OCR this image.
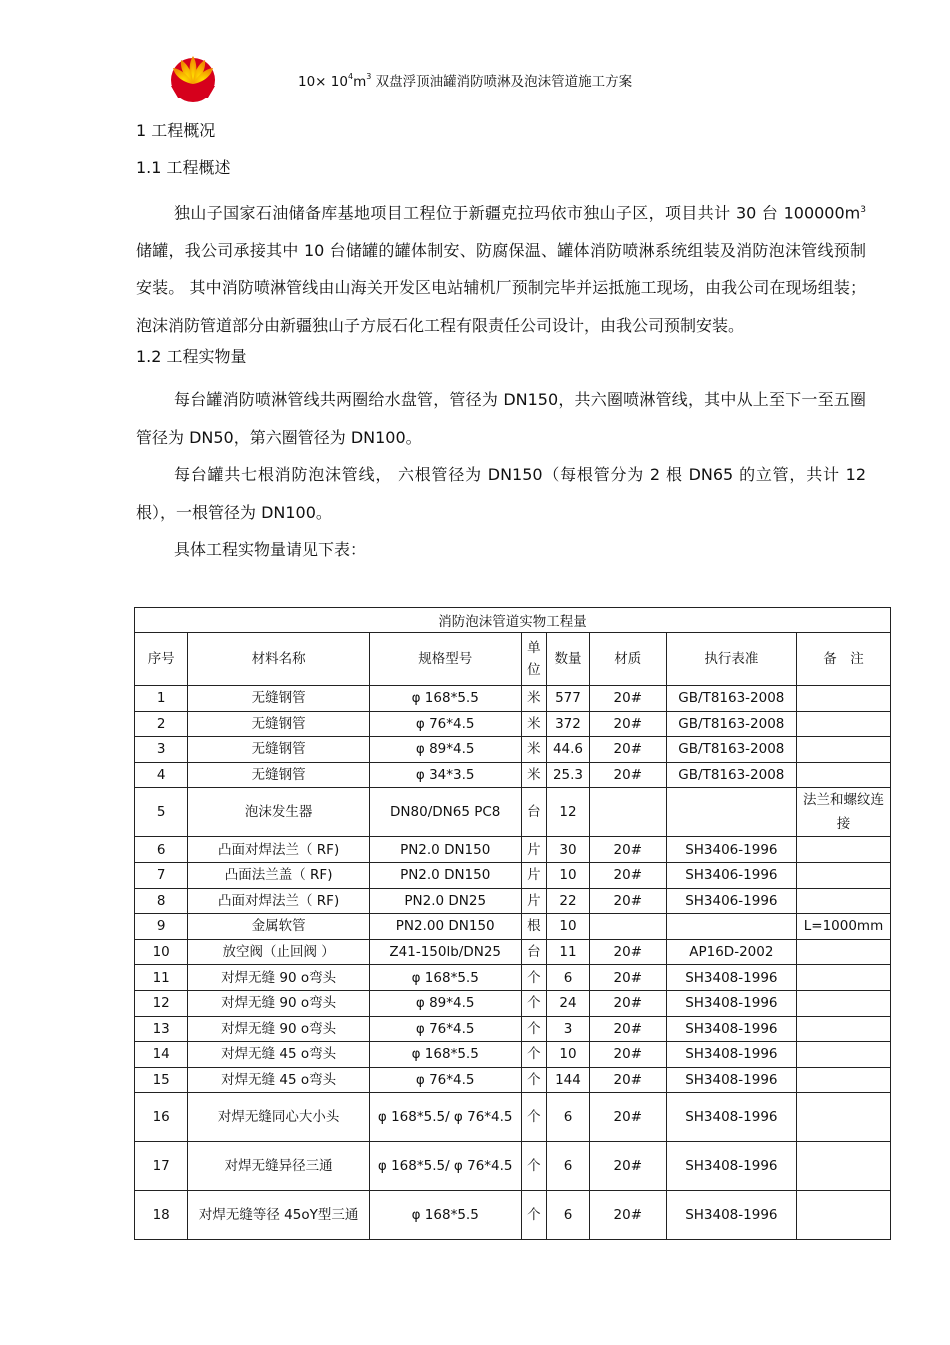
$10\times 10^4m^3$ 双盘浮顶油罐消防喷淋及泡沫管道施工方案

1 工程概况

1.1 工程概述

独山子国家石油储备库基地项目工程位于新疆克拉玛依市独山子区，项目共计 30 台 $100000m^3$储罐，我公司承接其中 10 台储罐的罐体制安、防腐保温、罐体消防喷淋系统组装及消防泡沫管线预制安装。 其中消防喷淋管线由山海关开发区电站辅机厂预制完毕并运抵施工现场，由我公司在现场组装；泡沫消防管道部分由新疆独山子方辰石化工程有限责任公司设计，由我公司预制安装。

1.2 工程实物量

每台罐消防喷淋管线共两圈给水盘管，管径为 DN150，共六圈喷淋管线，其中从上至下一至五圈管径为 DN50，第六圈管径为 DN100。

每台罐共七根消防泡沫管线， 六根管径为 DN150（每根管分为 2 根 DN65 的立管，共计 12 根），一根管径为 DN100。

具体工程实物量请见下表：

消防泡沫管道实物工程量							
序号	材料名称	规格型号	单位	数量	材质	执行表准	备　注
1	无缝钢管	φ 168*5.5	米	577	20#	GB/T8163-2008	
2	无缝钢管	φ 76*4.5	米	372	20#	GB/T8163-2008	
3	无缝钢管	φ 89*4.5	米	44.6	20#	GB/T8163-2008	
4	无缝钢管	φ 34*3.5	米	25.3	20#	GB/T8163-2008	
5	泡沫发生器	DN80/DN65 PC8	台	12			法兰和螺纹连接
6	凸面对焊法兰（ RF)	PN2.0 DN150	片	30	20#	SH3406-1996	
7	凸面法兰盖（ RF)	PN2.0 DN150	片	10	20#	SH3406-1996	
8	凸面对焊法兰（ RF)	PN2.0 DN25	片	22	20#	SH3406-1996	
9	金属软管	PN2.00 DN150	根	10			L=1000mm
10	放空阀（止回阀 ）	Z41-150lb/DN25	台	11	20#	AP16D-2002	
11	对焊无缝 90 o弯头	φ 168*5.5	个	6	20#	SH3408-1996	
12	对焊无缝 90 o弯头	φ 89*4.5	个	24	20#	SH3408-1996	
13	对焊无缝 90 o弯头	φ 76*4.5	个	3	20#	SH3408-1996	
14	对焊无缝 45 o弯头	φ 168*5.5	个	10	20#	SH3408-1996	
15	对焊无缝 45 o弯头	φ 76*4.5	个	144	20#	SH3408-1996	
16	对焊无缝同心大小头	φ 168*5.5/ φ 76*4.5	个	6	20#	SH3408-1996	
17	对焊无缝异径三通	φ 168*5.5/ φ 76*4.5	个	6	20#	SH3408-1996	
18	对焊无缝等径 45oY型三通	φ 168*5.5	个	6	20#	SH3408-1996	
